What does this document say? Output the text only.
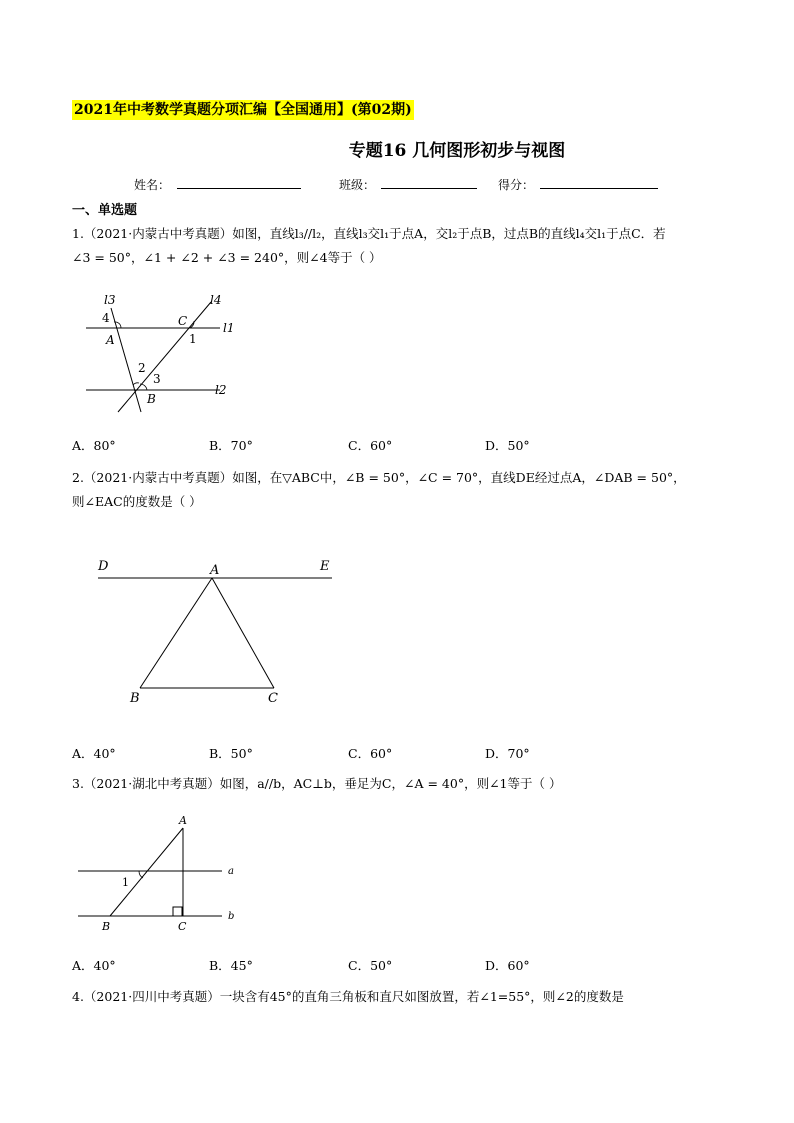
2021年中考数学真题分项汇编【全国通用】(第02期)
专题16 几何图形初步与视图
姓名：	班级：	得分：
一、单选题
1.（2021·内蒙古中考真题）如图，直线l₃//l₂，直线l₃交l₁于点A，交l₂于点B，过点B的直线l₄交l₁于点C．若
∠3 = 50°，∠1 + ∠2 + ∠3 = 240°，则∠4等于（ ）
l3	l4
l1
l2
4
A
C
1
2
3
B
A．80°	B．70°	C．60°	D．50°
2.（2021·内蒙古中考真题）如图，在▽ABC中，∠B = 50°，∠C = 70°，直线DE经过点A，∠DAB = 50°，
则∠EAC的度数是（ ）
D	A	E
B	C
A．40°	B．50°	C．60°	D．70°
3.（2021·湖北中考真题）如图，a//b，AC⊥b，垂足为C，∠A = 40°，则∠1等于（ ）
A
1
a
b
B	C
A．40°	B．45°	C．50°	D．60°
4.（2021·四川中考真题）一块含有45°的直角三角板和直尺如图放置，若∠1=55°，则∠2的度数是
